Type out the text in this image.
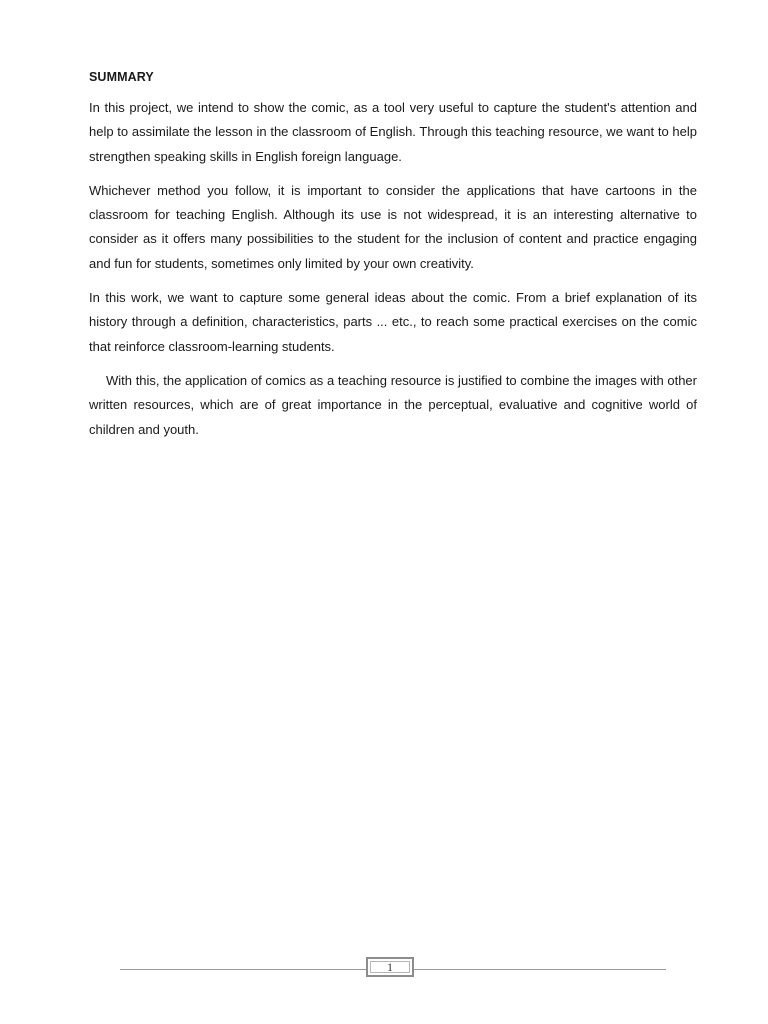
SUMMARY

In this project, we intend to show the comic, as a tool very useful to capture the student's attention and help to assimilate the lesson in the classroom of English. Through this teaching resource, we want to help strengthen speaking skills in English foreign language.

Whichever method you follow, it is important to consider the applications that have cartoons in the classroom for teaching English. Although its use is not widespread, it is an interesting alternative to consider as it offers many possibilities to the student for the inclusion of content and practice engaging and fun for students, sometimes only limited by your own creativity.

In this work, we want to capture some general ideas about the comic. From a brief explanation of its history through a definition, characteristics, parts ... etc., to reach some practical exercises on the comic that reinforce classroom-learning students.

With this, the application of comics as a teaching resource is justified to combine the images with other written resources, which are of great importance in the perceptual, evaluative and cognitive world of children and youth.

1
